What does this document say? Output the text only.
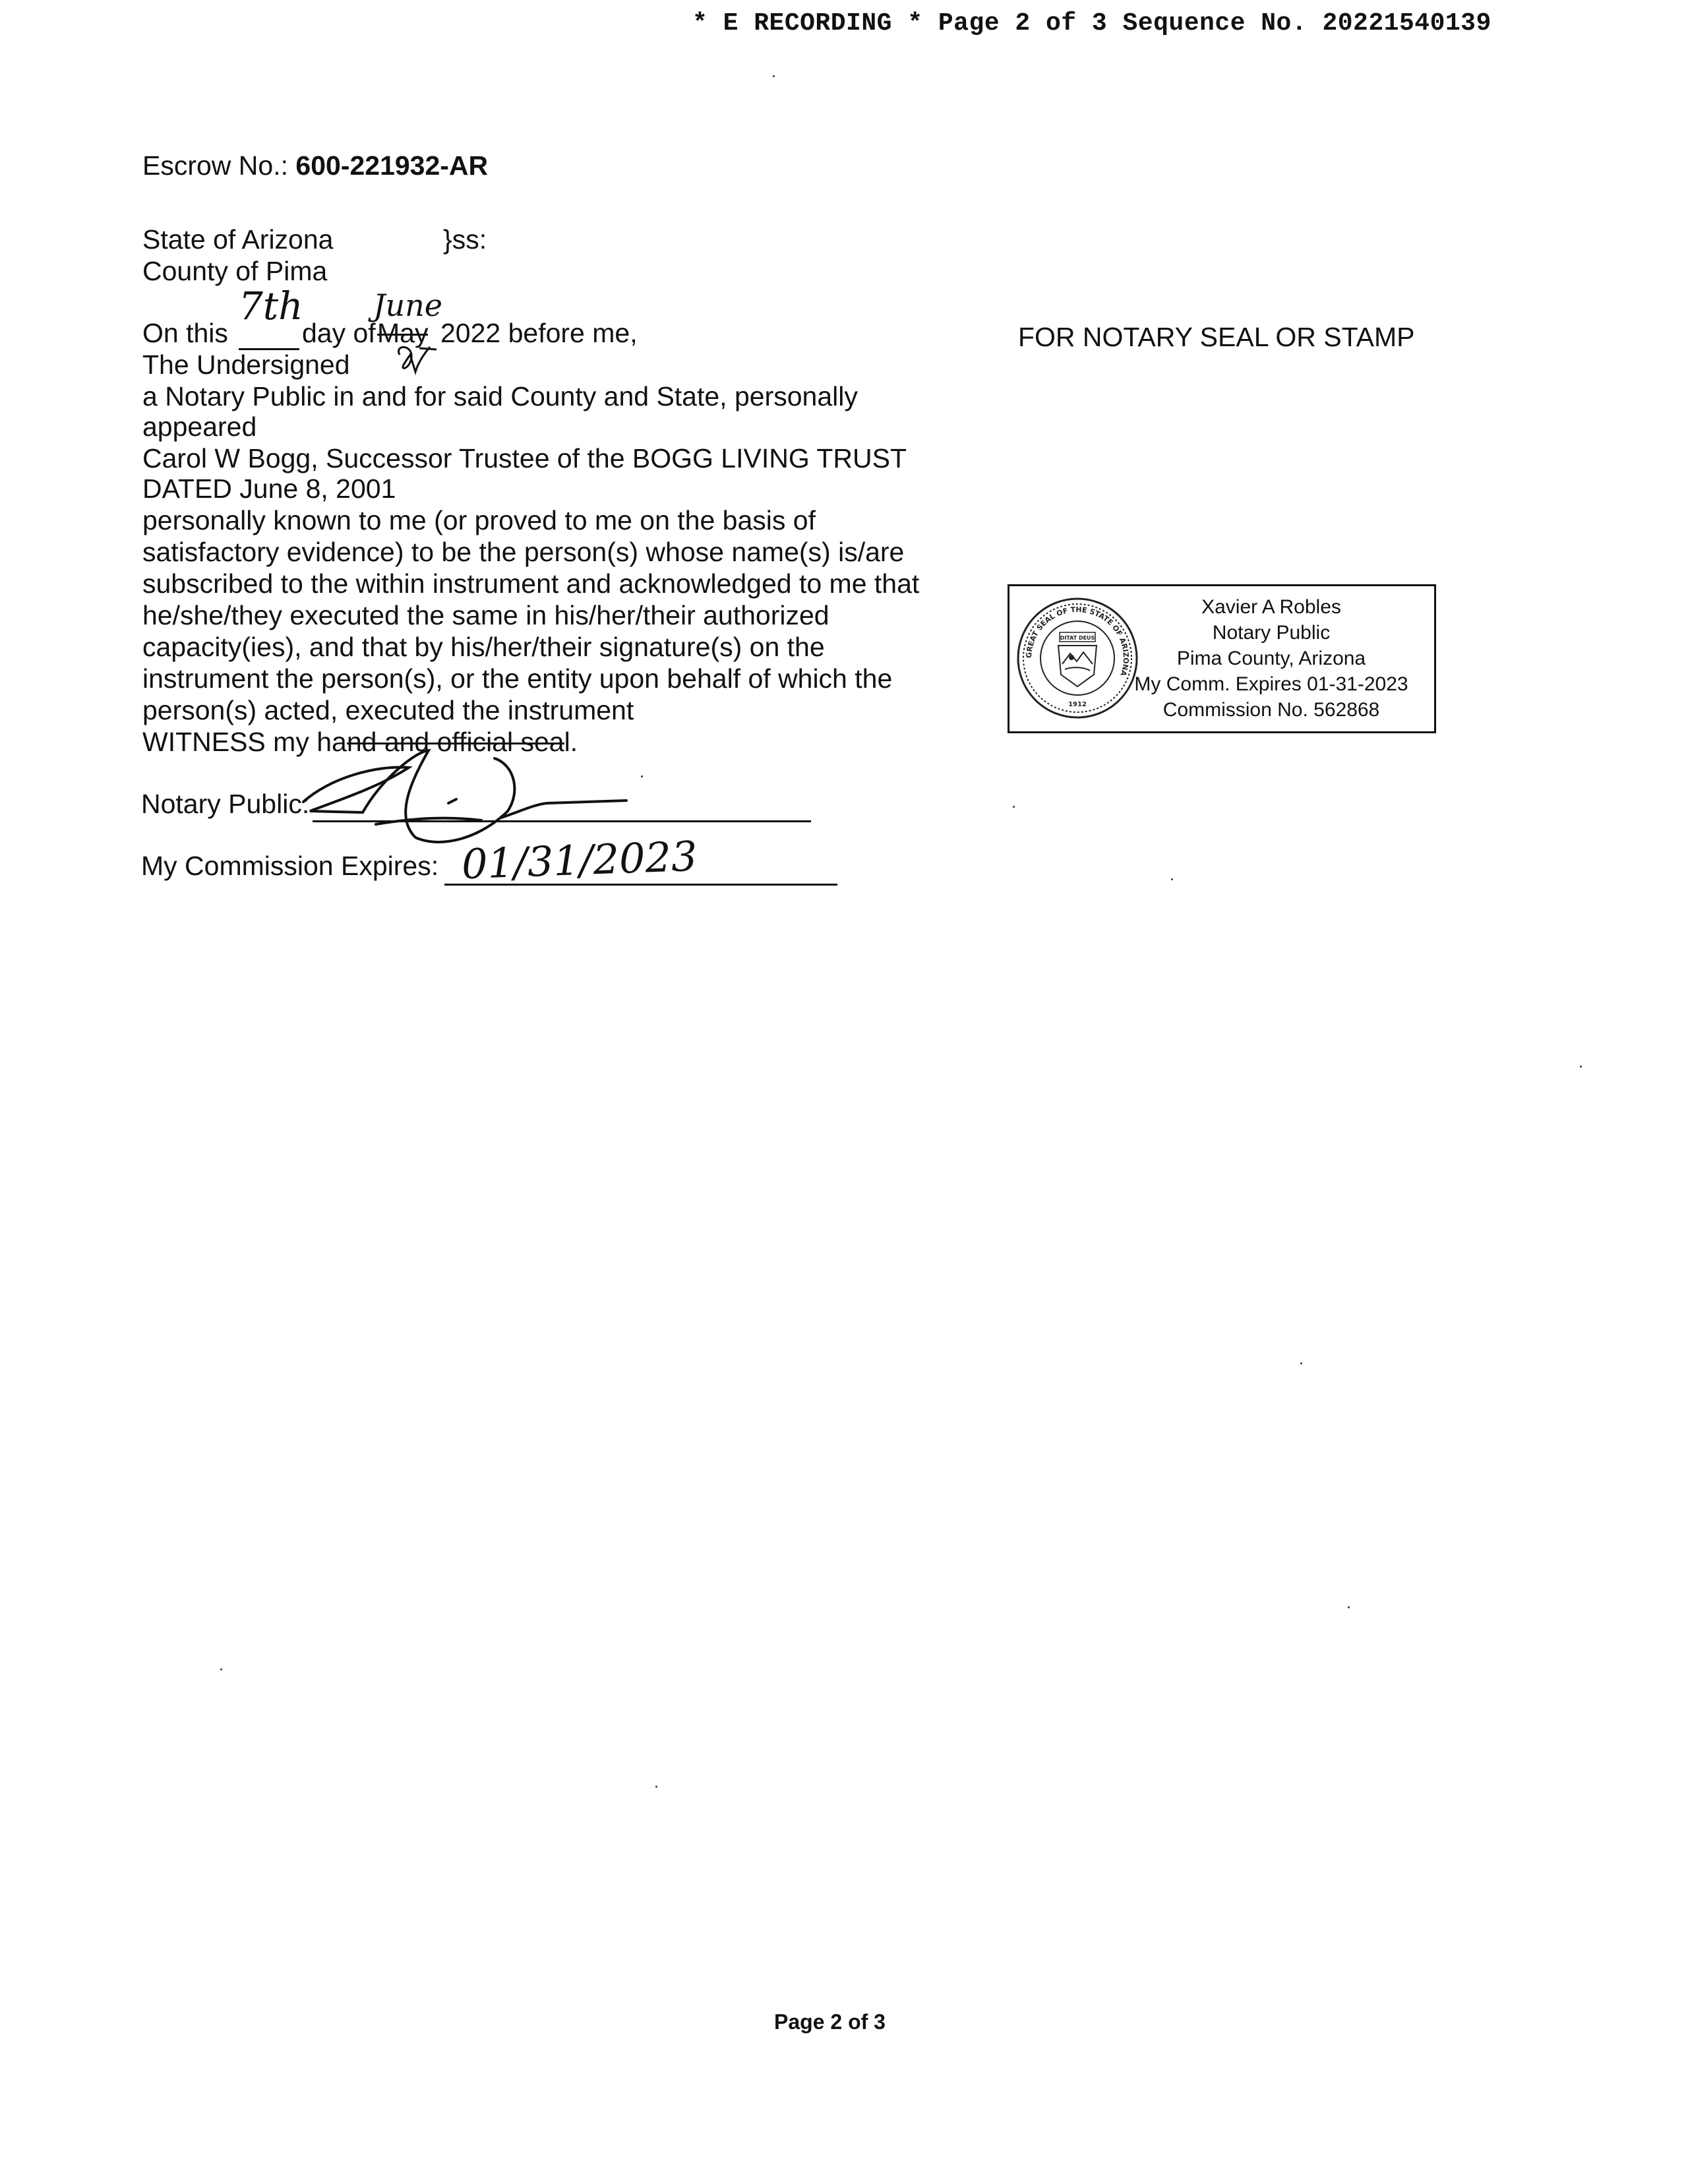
* E RECORDING * Page 2 of 3 Sequence No. 20221540139
Escrow No.: 600-221932-AR
State of Arizona	}ss:
County of Pima
On this
7th
day of May
June
2022 before me,
The Undersigned
a Notary Public in and for said County and State, personally
appeared
Carol W Bogg, Successor Trustee of the BOGG LIVING TRUST
DATED June 8, 2001
personally known to me (or proved to me on the basis of
satisfactory evidence) to be the person(s) whose name(s) is/are
subscribed to the within instrument and acknowledged to me that
he/she/they executed the same in his/her/their authorized
capacity(ies), and that by his/her/their signature(s) on the
instrument the person(s), or the entity upon behalf of which the
person(s) acted, executed the instrument
WITNESS my hand and official seal.
Notary Public:
My Commission Expires: 01/31/2023
FOR NOTARY SEAL OR STAMP
GREAT SEAL OF THE STATE OF ARIZONA
DITAT DEUS
1912
Xavier A Robles
Notary Public
Pima County, Arizona
My Comm. Expires 01-31-2023
Commission No. 562868
Page 2 of 3
